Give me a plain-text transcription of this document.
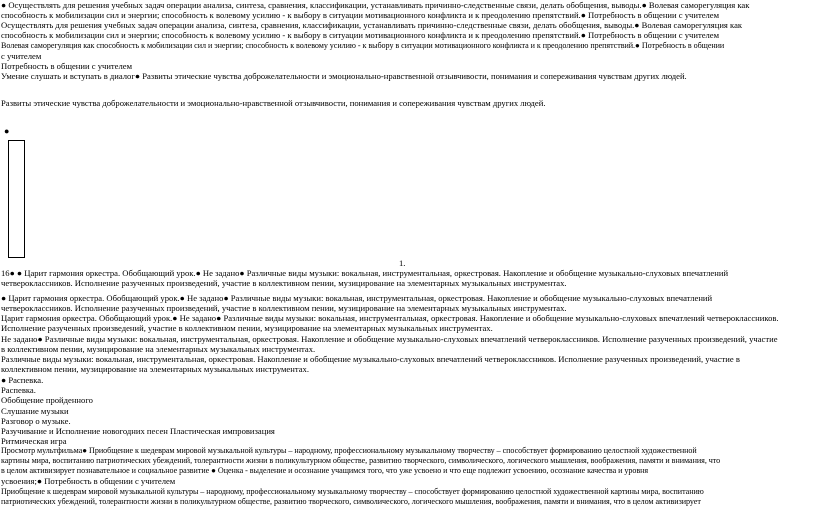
● Осуществлять для решения учебных задач операции анализа, синтеза, сравнения, классификации, устанавливать причинно-следственные связи, делать обобщения, выводы.● Волевая саморегуляция как
способность к мобилизации сил и энергии; способность к волевому усилию - к выбору в ситуации мотивационного конфликта и к преодолению препятствий.● Потребность в общении с учителем
Осуществлять для решения учебных задач операции анализа, синтеза, сравнения, классификации, устанавливать причинно-следственные связи, делать обобщения, выводы.● Волевая саморегуляция как
способность к мобилизации сил и энергии; способность к волевому усилию - к выбору в ситуации мотивационного конфликта и к преодолению препятствий.● Потребность в общении с учителем
Волевая саморегуляция как способность к мобилизации сил и энергии; способность к волевому усилию - к выбору в ситуации мотивационного конфликта и к преодолению препятствий.● Потребность в общении
с учителем
Потребность в общении с учителем
Умение слушать и вступать в диалог● Развиты этические чувства доброжелательности и эмоционально-нравственной отзывчивости, понимания и сопереживания чувствам других людей.
Развиты этические чувства доброжелательности и эмоционально-нравственной отзывчивости, понимания и сопереживания чувствам других людей.
●
1.
16● ● Царит гармония оркестра. Обобщающий урок.● Не задано● Различные виды музыки: вокальная, инструментальная, оркестровая. Накопление и обобщение музыкально-слуховых впечатлений
четвероклассников. Исполнение разученных произведений, участие в коллективном пении, музицирование на элементарных музыкальных инструментах.
● Царит гармония оркестра. Обобщающий урок.● Не задано● Различные виды музыки: вокальная, инструментальная, оркестровая. Накопление и обобщение музыкально-слуховых впечатлений
четвероклассников. Исполнение разученных произведений, участие в коллективном пении, музицирование на элементарных музыкальных инструментах.
Царит гармония оркестра. Обобщающий урок.● Не задано● Различные виды музыки: вокальная, инструментальная, оркестровая. Накопление и обобщение музыкально-слуховых впечатлений четвероклассников.
Исполнение разученных произведений, участие в коллективном пении, музицирование на элементарных музыкальных инструментах.
Не задано● Различные виды музыки: вокальная, инструментальная, оркестровая. Накопление и обобщение музыкально-слуховых впечатлений четвероклассников. Исполнение разученных произведений, участие
в коллективном пении, музицирование на элементарных музыкальных инструментах.
Различные виды музыки: вокальная, инструментальная, оркестровая. Накопление и обобщение музыкально-слуховых впечатлений четвероклассников. Исполнение разученных произведений, участие в
коллективном пении, музицирование на элементарных музыкальных инструментах.
● Распевка.
Распевка.
Обобщение пройденного
Слушание музыки
Разговор о музыке.
Разучивание и Исполнение новогодних песен Пластическая импровизация
Ритмическая игра
Просмотр мультфильма● Приобщение к шедеврам мировой музыкальной культуры – народному, профессиональному музыкальному творчеству – способствует формированию целостной художественной
картины мира, воспитанию патриотических убеждений, толерантности жизни в поликультурном обществе, развитию творческого, символического, логического мышления, воображения, памяти и внимания, что
в целом активизирует познавательное и социальное развитие ● Оценка - выделение и осознание учащимся того, что уже усвоено и что еще подлежит усвоению, осознание качества и уровня
усвоения;● Потребность в общении с учителем
Приобщение к шедеврам мировой музыкальной культуры – народному, профессиональному музыкальному творчеству – способствует формированию целостной художественной картины мира, воспитанию
патриотических убеждений, толерантности жизни в поликультурном обществе, развитию творческого, символического, логического мышления, воображения, памяти и внимания, что в целом активизирует
